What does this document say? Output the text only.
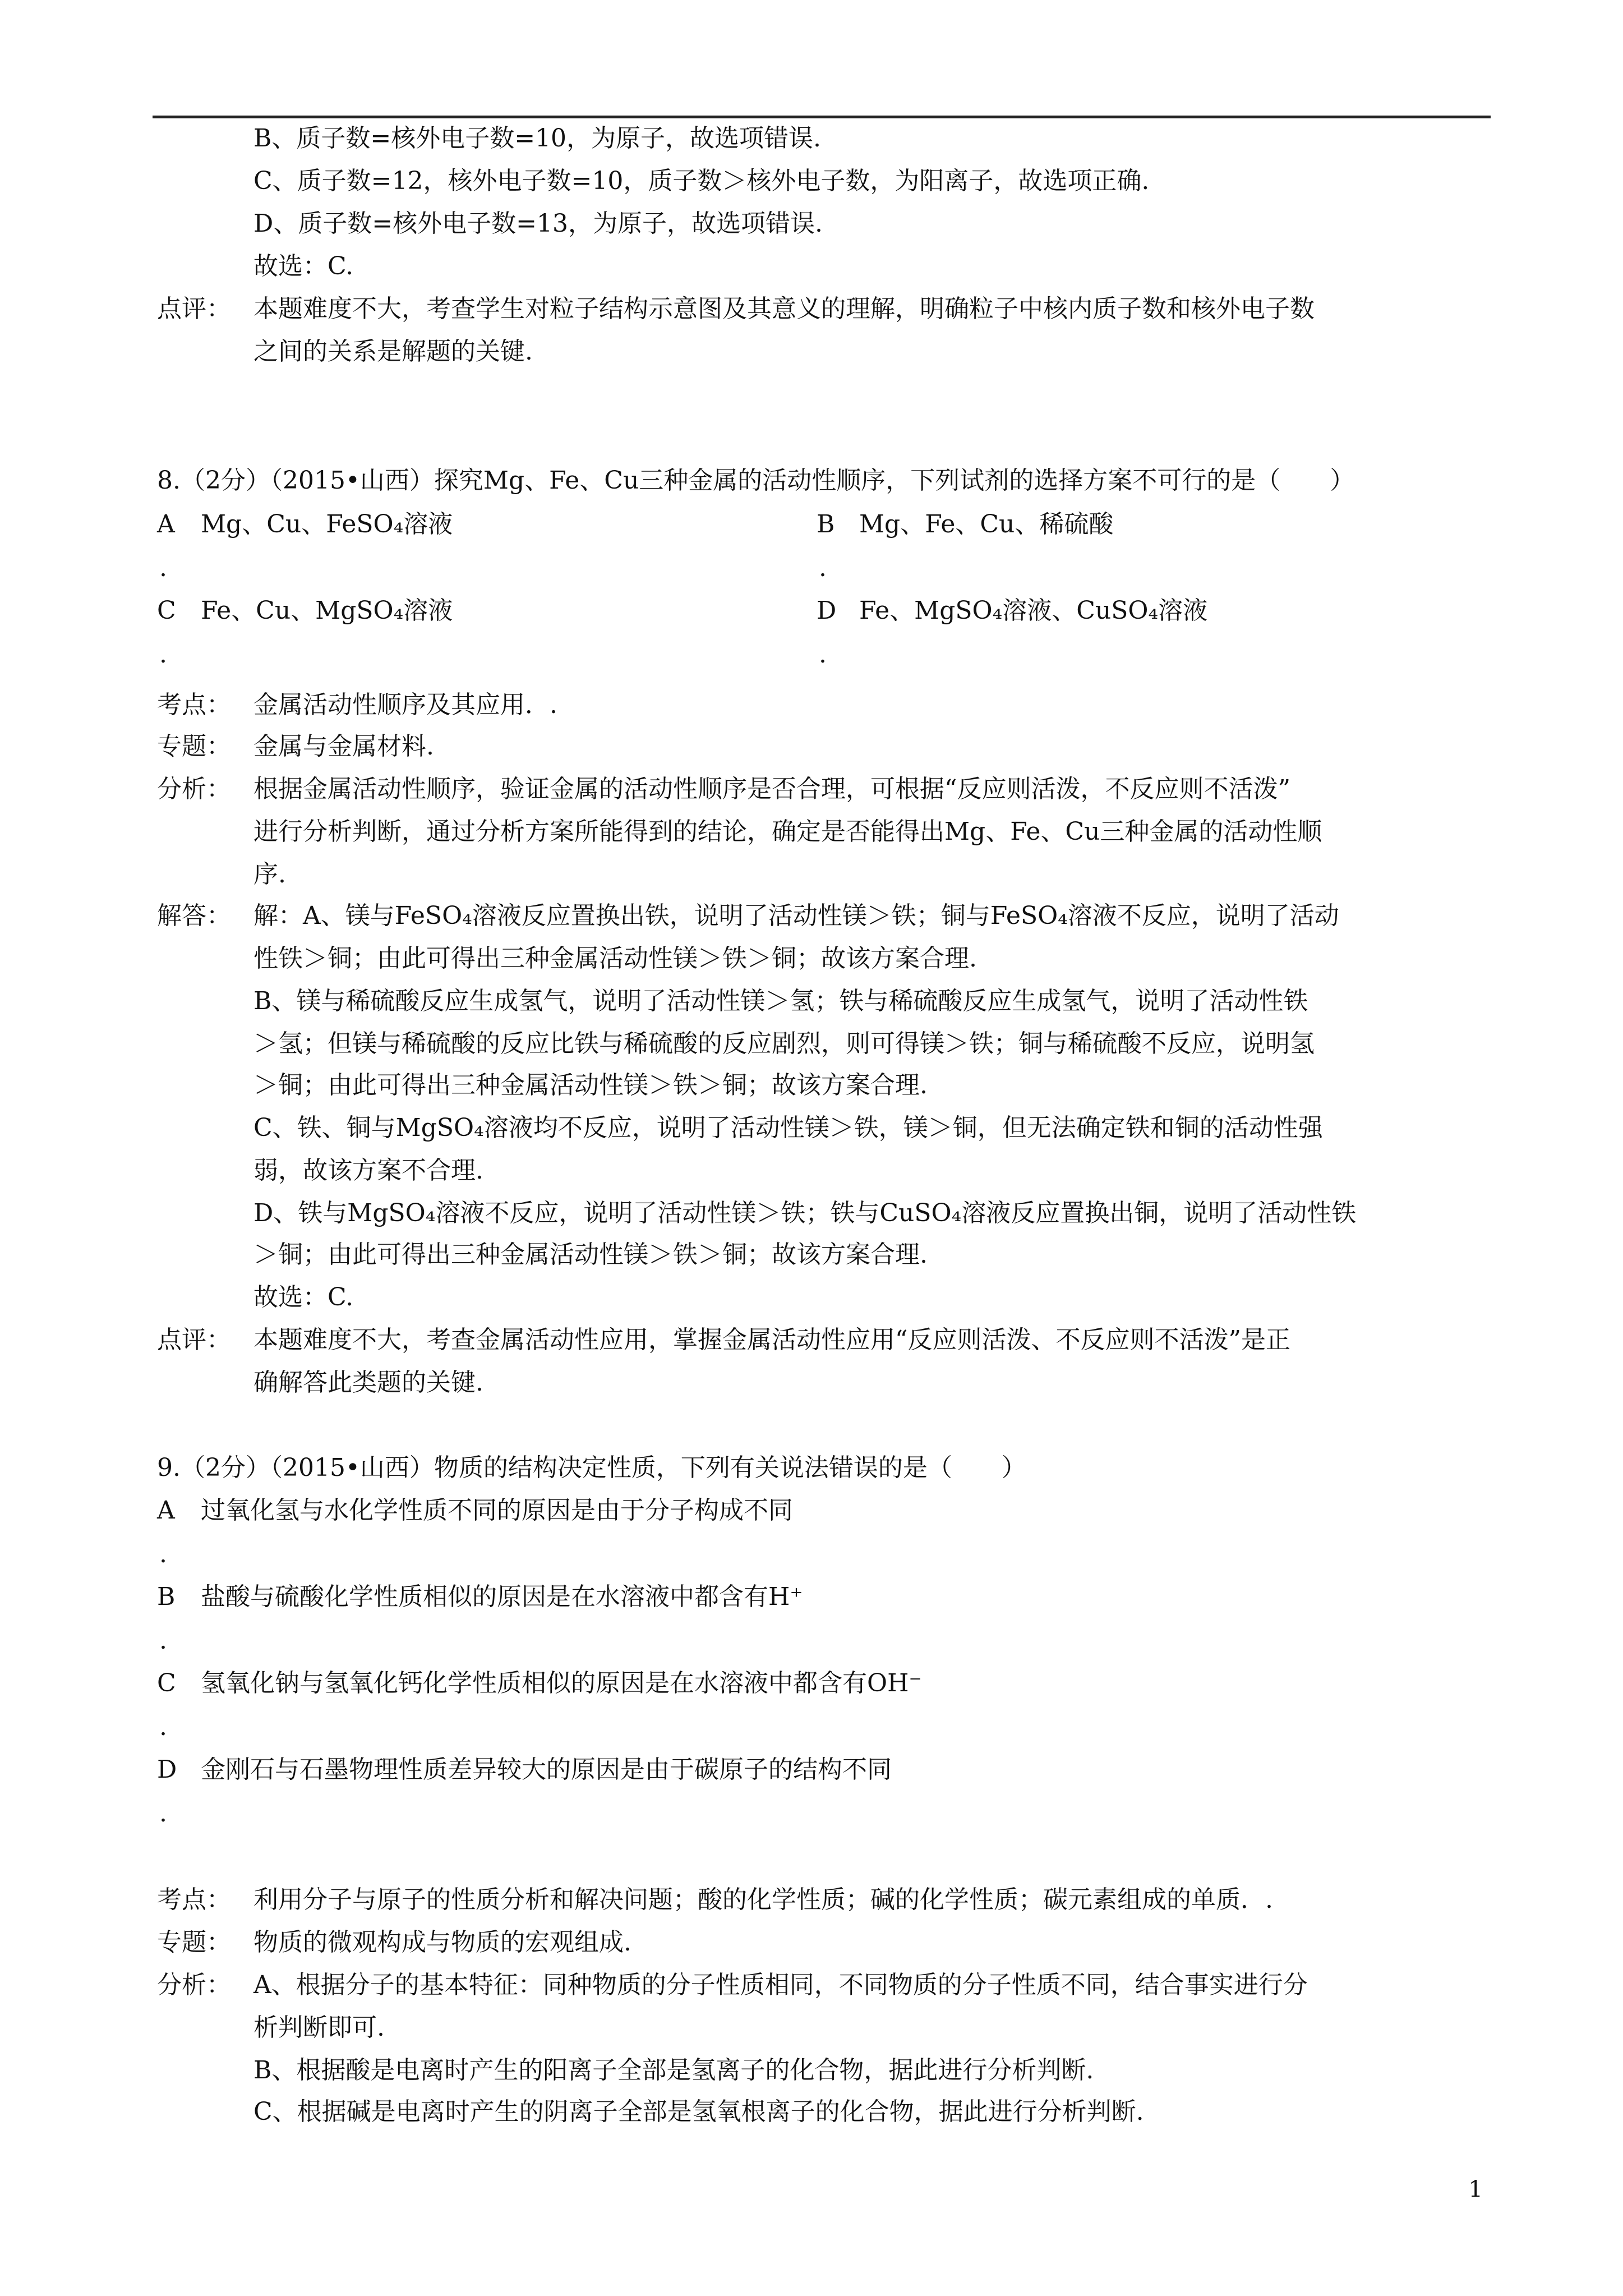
B、质子数=核外电子数=10，为原子，故选项错误.
C、质子数=12，核外电子数=10，质子数＞核外电子数，为阳离子，故选项正确.
D、质子数=核外电子数=13，为原子，故选项错误.
故选：C.
点评： 本题难度不大，考查学生对粒子结构示意图及其意义的理解，明确粒子中核内质子数和核外电子数
之间的关系是解题的关键.
8.（2分）（2015•山西）探究Mg、Fe、Cu三种金属的活动性顺序，下列试剂的选择方案不可行的是（　　）
A Mg、Cu、FeSO₄溶液
.
B Mg、Fe、Cu、稀硫酸
.
C Fe、Cu、MgSO₄溶液
.
D Fe、MgSO₄溶液、CuSO₄溶液
.
考点： 金属活动性顺序及其应用．.
专题： 金属与金属材料.
分析： 根据金属活动性顺序，验证金属的活动性顺序是否合理，可根据“反应则活泼，不反应则不活泼”
进行分析判断，通过分析方案所能得到的结论，确定是否能得出Mg、Fe、Cu三种金属的活动性顺
序.
解答： 解：A、镁与FeSO₄溶液反应置换出铁，说明了活动性镁＞铁；铜与FeSO₄溶液不反应，说明了活动
性铁＞铜；由此可得出三种金属活动性镁＞铁＞铜；故该方案合理.
B、镁与稀硫酸反应生成氢气，说明了活动性镁＞氢；铁与稀硫酸反应生成氢气，说明了活动性铁
＞氢；但镁与稀硫酸的反应比铁与稀硫酸的反应剧烈，则可得镁＞铁；铜与稀硫酸不反应，说明氢
＞铜；由此可得出三种金属活动性镁＞铁＞铜；故该方案合理.
C、铁、铜与MgSO₄溶液均不反应，说明了活动性镁＞铁，镁＞铜，但无法确定铁和铜的活动性强
弱，故该方案不合理.
D、铁与MgSO₄溶液不反应，说明了活动性镁＞铁；铁与CuSO₄溶液反应置换出铜，说明了活动性铁
＞铜；由此可得出三种金属活动性镁＞铁＞铜；故该方案合理.
故选：C.
点评： 本题难度不大，考查金属活动性应用，掌握金属活动性应用“反应则活泼、不反应则不活泼”是正
确解答此类题的关键.
9.（2分）（2015•山西）物质的结构决定性质，下列有关说法错误的是（　　）
A 过氧化氢与水化学性质不同的原因是由于分子构成不同
.
B 盐酸与硫酸化学性质相似的原因是在水溶液中都含有H⁺
.
C 氢氧化钠与氢氧化钙化学性质相似的原因是在水溶液中都含有OH⁻
.
D 金刚石与石墨物理性质差异较大的原因是由于碳原子的结构不同
.
考点： 利用分子与原子的性质分析和解决问题；酸的化学性质；碱的化学性质；碳元素组成的单质．.
专题： 物质的微观构成与物质的宏观组成.
分析： A、根据分子的基本特征：同种物质的分子性质相同，不同物质的分子性质不同，结合事实进行分
析判断即可.
B、根据酸是电离时产生的阳离子全部是氢离子的化合物，据此进行分析判断.
C、根据碱是电离时产生的阴离子全部是氢氧根离子的化合物，据此进行分析判断.
1
